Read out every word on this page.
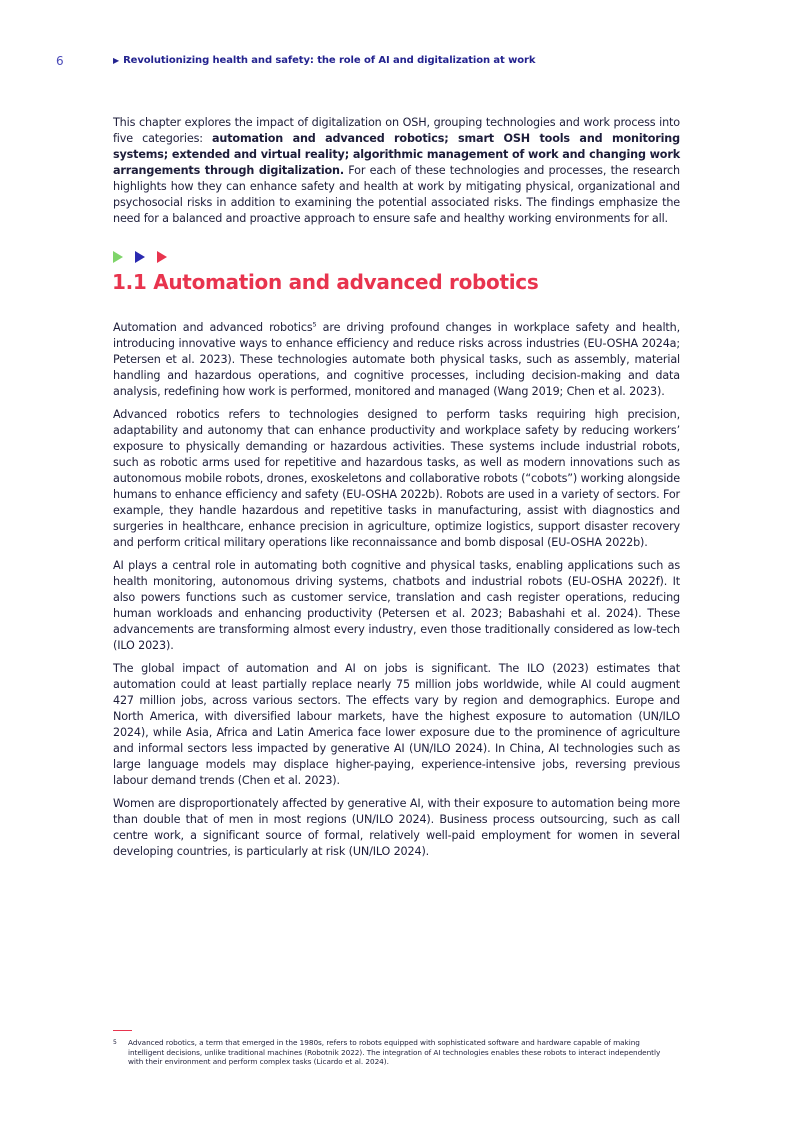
6	▶ Revolutionizing health and safety: the role of AI and digitalization at work
This chapter explores the impact of digitalization on OSH, grouping technologies and work process into five categories: automation and advanced robotics; smart OSH tools and monitoring systems; extended and virtual reality; algorithmic management of work and changing work arrangements through digitalization. For each of these technologies and processes, the research highlights how they can enhance safety and health at work by mitigating physical, organizational and psychosocial risks in addition to examining the potential associated risks. The findings emphasize the need for a balanced and proactive approach to ensure safe and healthy working environments for all.
1.1 Automation and advanced robotics

Automation and advanced robotics$^5$ are driving profound changes in workplace safety and health, introducing innovative ways to enhance efficiency and reduce risks across industries (EU-OSHA 2024a; Petersen et al. 2023). These technologies automate both physical tasks, such as assembly, material handling and hazardous operations, and cognitive processes, including decision-making and data analysis, redefining how work is performed, monitored and managed (Wang 2019; Chen et al. 2023).

Advanced robotics refers to technologies designed to perform tasks requiring high precision, adaptability and autonomy that can enhance productivity and workplace safety by reducing workers’ exposure to physically demanding or hazardous activities. These systems include industrial robots, such as robotic arms used for repetitive and hazardous tasks, as well as modern innovations such as autonomous mobile robots, drones, exoskeletons and collaborative robots (“cobots”) working alongside humans to enhance efficiency and safety (EU-OSHA 2022b). Robots are used in a variety of sectors. For example, they handle hazardous and repetitive tasks in manufacturing, assist with diagnostics and surgeries in healthcare, enhance precision in agriculture, optimize logistics, support disaster recovery and perform critical military operations like reconnaissance and bomb disposal (EU-OSHA 2022b).

AI plays a central role in automating both cognitive and physical tasks, enabling applications such as health monitoring, autonomous driving systems, chatbots and industrial robots (EU-OSHA 2022f). It also powers functions such as customer service, translation and cash register operations, reducing human workloads and enhancing productivity (Petersen et al. 2023; Babashahi et al. 2024). These advancements are transforming almost every industry, even those traditionally considered as low-tech (ILO 2023).

The global impact of automation and AI on jobs is significant. The ILO (2023) estimates that automation could at least partially replace nearly 75 million jobs worldwide, while AI could augment 427 million jobs, across various sectors. The effects vary by region and demographics. Europe and North America, with diversified labour markets, have the highest exposure to automation (UN/ILO 2024), while Asia, Africa and Latin America face lower exposure due to the prominence of agriculture and informal sectors less impacted by generative AI (UN/ILO 2024). In China, AI technologies such as large language models may displace higher-paying, experience-intensive jobs, reversing previous labour demand trends (Chen et al. 2023).

Women are disproportionately affected by generative AI, with their exposure to automation being more than double that of men in most regions (UN/ILO 2024). Business process outsourcing, such as call centre work, a significant source of formal, relatively well-paid employment for women in several developing countries, is particularly at risk (UN/ILO 2024).

5	Advanced robotics, a term that emerged in the 1980s, refers to robots equipped with sophisticated software and hardware capable of making intelligent decisions, unlike traditional machines (Robotnik 2022). The integration of AI technologies enables these robots to interact independently with their environment and perform complex tasks (Licardo et al. 2024).
